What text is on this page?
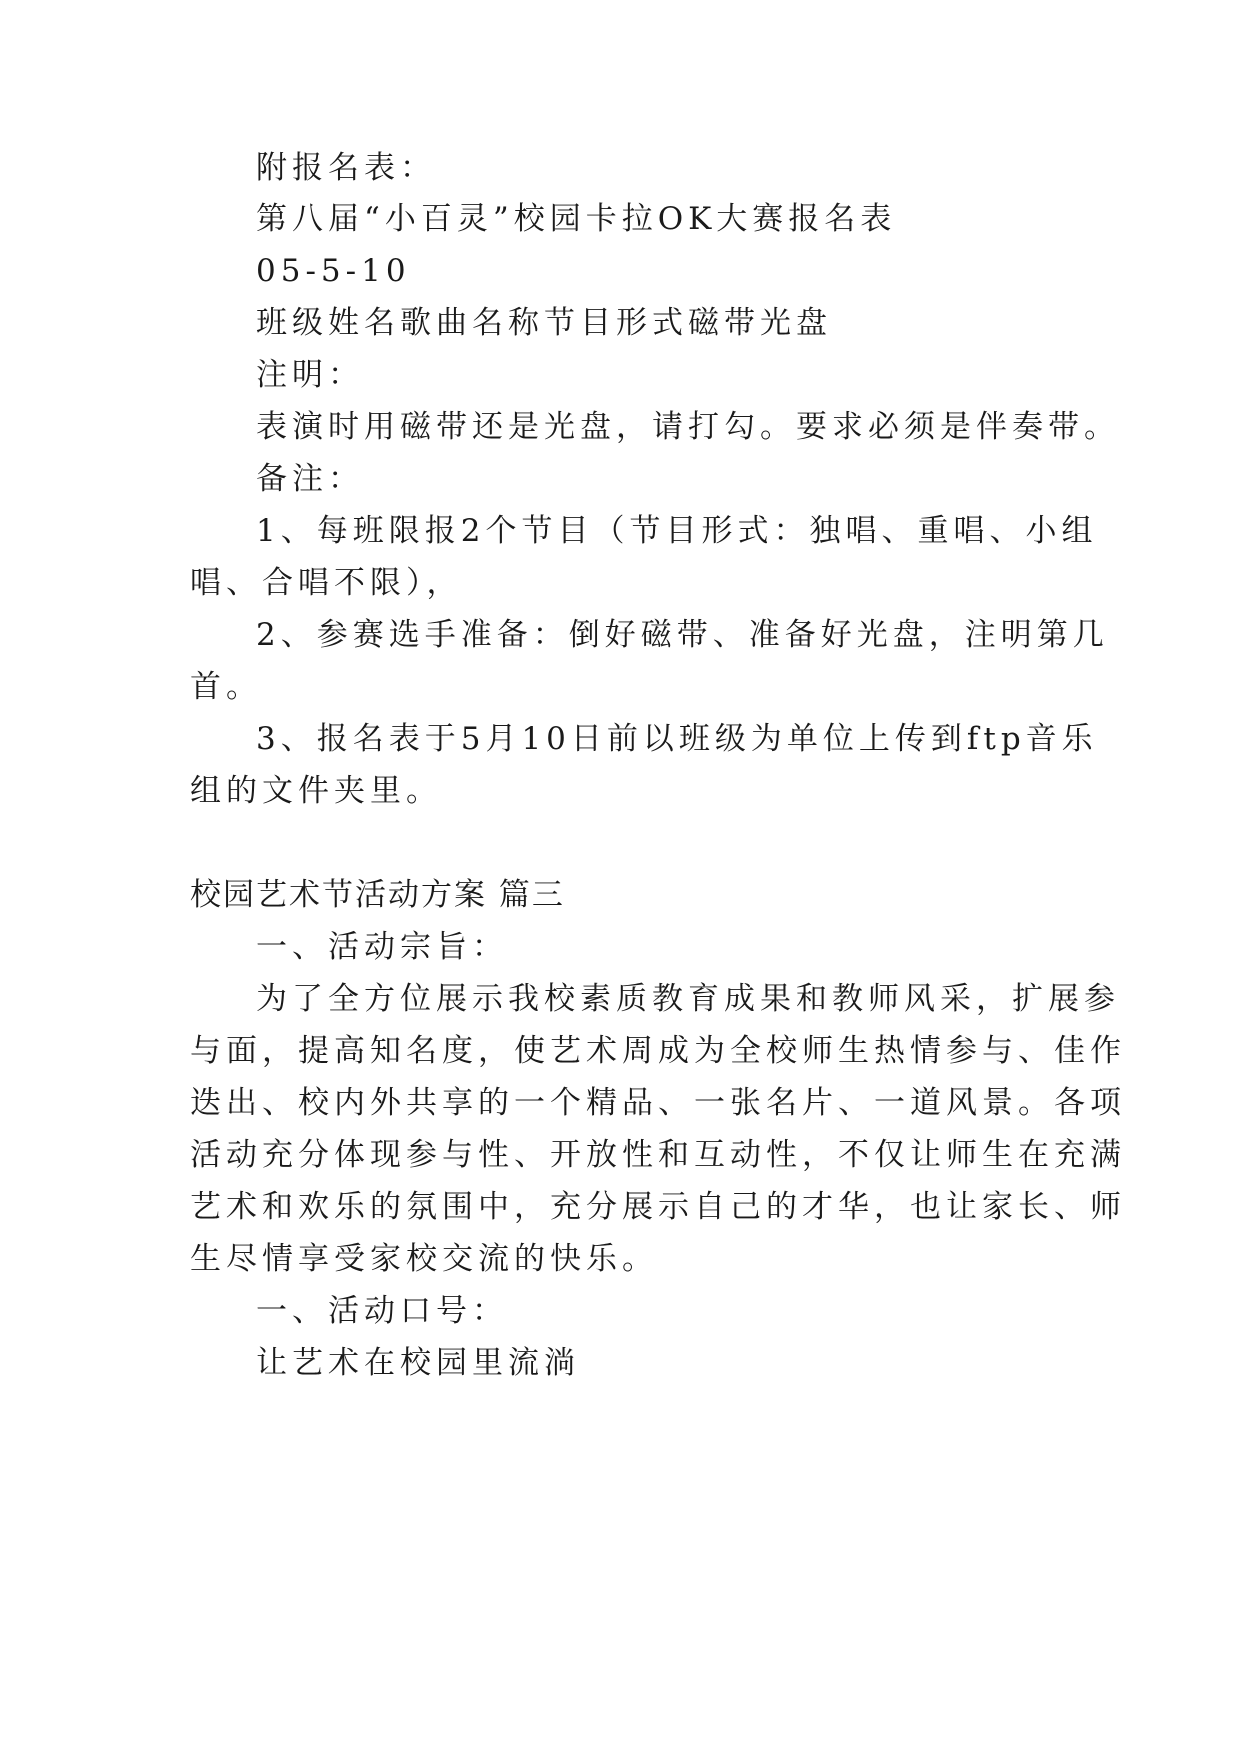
附报名表：

第八届“小百灵”校园卡拉OK大赛报名表

05-5-10

班级姓名歌曲名称节目形式磁带光盘

注明：

表演时用磁带还是光盘，请打勾。要求必须是伴奏带。

备注：

1、每班限报2个节目（节目形式：独唱、重唱、小组

唱、合唱不限），

2、参赛选手准备：倒好磁带、准备好光盘，注明第几

首。

3、报名表于5月10日前以班级为单位上传到ftp音乐

组的文件夹里。

校园艺术节活动方案 篇三

一、活动宗旨：

为了全方位展示我校素质教育成果和教师风采，扩展参

与面，提高知名度，使艺术周成为全校师生热情参与、佳作

迭出、校内外共享的一个精品、一张名片、一道风景。各项

活动充分体现参与性、开放性和互动性，不仅让师生在充满

艺术和欢乐的氛围中，充分展示自己的才华，也让家长、师

生尽情享受家校交流的快乐。

一、活动口号：

让艺术在校园里流淌
